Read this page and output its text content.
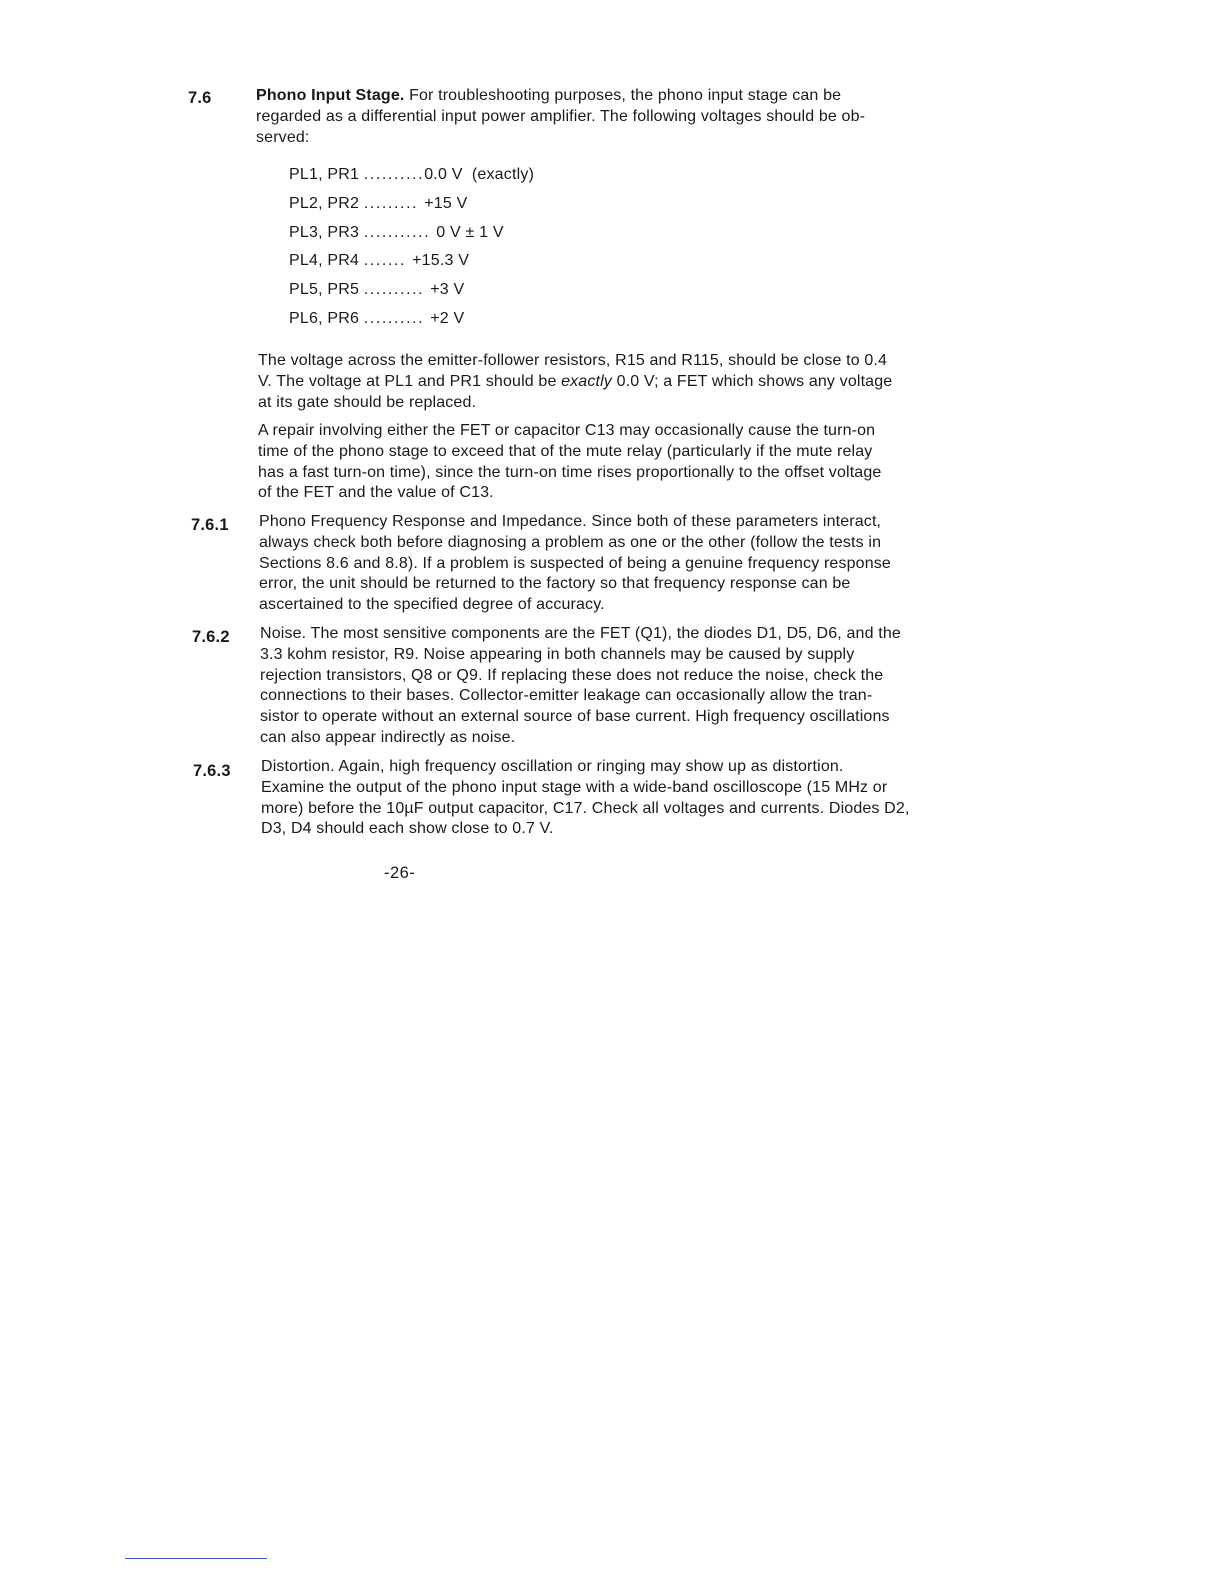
7.6	Phono Input Stage. For troubleshooting purposes, the phono input stage can be
regarded as a differential input power amplifier. The following voltages should be ob-
served:
PL1, PR1 ..........0.0 V  (exactly)
PL2, PR2 ......... +15 V
PL3, PR3 ........... 0 V ± 1 V
PL4, PR4 ....... +15.3 V
PL5, PR5 .......... +3 V
PL6, PR6 .......... +2 V
The voltage across the emitter-follower resistors, R15 and R115, should be close to 0.4
V. The voltage at PL1 and PR1 should be exactly 0.0 V; a FET which shows any voltage
at its gate should be replaced.
A repair involving either the FET or capacitor C13 may occasionally cause the turn-on
time of the phono stage to exceed that of the mute relay (particularly if the mute relay
has a fast turn-on time), since the turn-on time rises proportionally to the offset voltage
of the FET and the value of C13.
7.6.1 Phono Frequency Response and Impedance. Since both of these parameters interact,
always check both before diagnosing a problem as one or the other (follow the tests in
Sections 8.6 and 8.8). If a problem is suspected of being a genuine frequency response
error, the unit should be returned to the factory so that frequency response can be
ascertained to the specified degree of accuracy.
7.6.2 Noise. The most sensitive components are the FET (Q1), the diodes D1, D5, D6, and the
3.3 kohm resistor, R9. Noise appearing in both channels may be caused by supply
rejection transistors, Q8 or Q9. If replacing these does not reduce the noise, check the
connections to their bases. Collector-emitter leakage can occasionally allow the tran-
sistor to operate without an external source of base current. High frequency oscillations
can also appear indirectly as noise.
7.6.3 Distortion. Again, high frequency oscillation or ringing may show up as distortion.
Examine the output of the phono input stage with a wide-band oscilloscope (15 MHz or
more) before the 10µF output capacitor, C17. Check all voltages and currents. Diodes D2,
D3, D4 should each show close to 0.7 V.
-26-
